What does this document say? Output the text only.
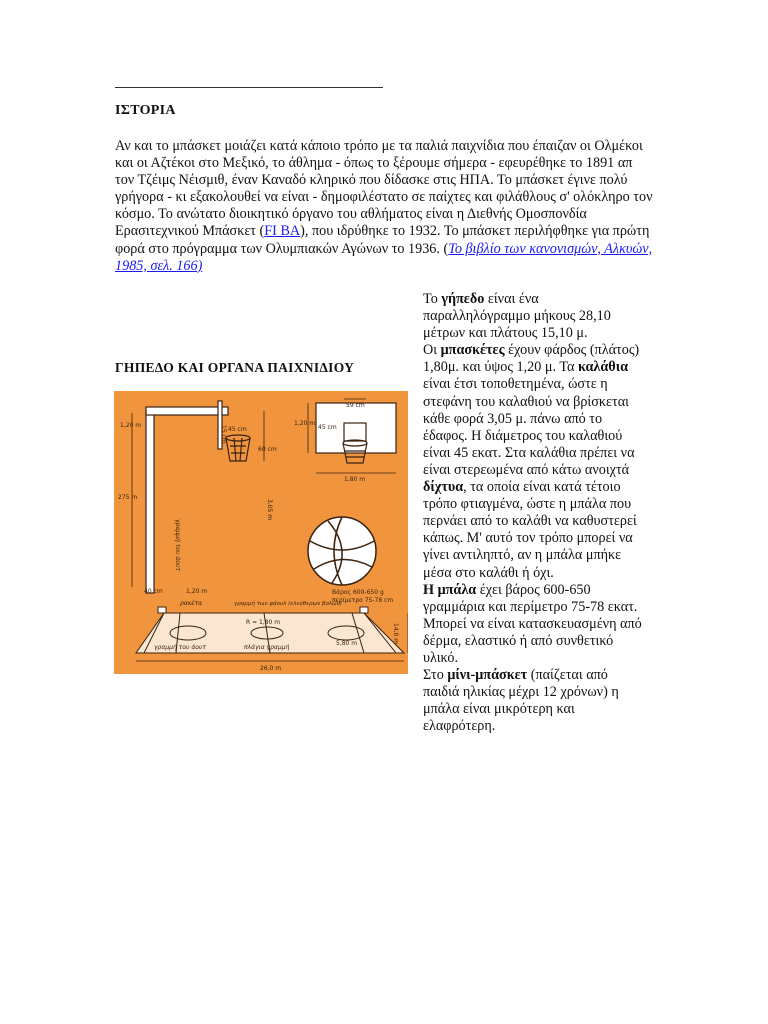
ΙΣΤΟΡΙΑ
Αν και το μπάσκετ μοιάζει κατά κάποιο τρόπο με τα παλιά παιχνίδια που έπαιζαν οι Ολμέκοι και οι Αζτέκοι στο Μεξικό, το άθλημα - όπως το ξέρουμε σήμερα - εφευρέθηκε το 1891 απ τον Τζέιμς Νέισμιθ, έναν Καναδό κληρικό που δίδασκε στις ΗΠΑ. Το μπάσκετ έγινε πολύ γρήγορα - κι εξακολουθεί να είναι - δημοφιλέστατο σε παίχτες και φιλάθλους σ' ολόκληρο τον κόσμο. Το ανώτατο διοικητικό όργανο του αθλήματος είναι η Διεθνής Ομοσπονδία Ερασιτεχνικού Μπάσκετ (FI BA), που ιδρύθηκε το 1932. Το μπάσκετ περιλήφθηκε για πρώτη φορά στο πρόγραμμα των Ολυμπιακών Αγώνων το 1936. (Το βιβλίο των κανονισμών, Αλκυών, 1985, σελ. 166)
ΓΗΠΕΔΟ ΚΑΙ ΟΡΓΑΝΑ ΠΑΙΧΝΙΔΙΟΥ
1,20 m
45 cm
60 cm
15 cm
275 m
3,05 m
1,20 m
40 cm	1,20 m
59 cm
45 cm
1,80 m
Βάρος 600-650 g
περίμετρο 75-78 cm
γραμμή των φάουλ (ελεύθερων βολών)
γραμμή του άουτ
ρακέτα
γραμμή του άουτ	πλάγια γραμμή
R = 1,80 m
5,80 m
26,0 m
14,0 m
Το γήπεδο είναι ένα παραλληλόγραμμο μήκους 28,10 μέτρων και πλάτους 15,10 μ.
Οι μπασκέτες έχουν φάρδος (πλάτος) 1,80μ. και ύψος 1,20 μ. Τα καλάθια είναι έτσι τοποθετημένα, ώστε η στεφάνη του καλαθιού να βρίσκεται κάθε φορά 3,05 μ. πάνω από το έδαφος. Η διάμετρος του καλαθιού είναι 45 εκατ. Στα καλάθια πρέπει να είναι στερεωμένα από κάτω ανοιχτά δίχτυα, τα οποία είναι κατά τέτοιο τρόπο φτιαγμένα, ώστε η μπάλα που περνάει από το καλάθι να καθυστερεί κάπως. Μ' αυτό τον τρόπο μπορεί να γίνει αντιληπτό, αν η μπάλα μπήκε μέσα στο καλάθι ή όχι.
Η μπάλα έχει βάρος 600-650 γραμμάρια και περίμετρο 75-78 εκατ. Μπορεί να είναι κατασκευασμένη από δέρμα, ελαστικό ή από συνθετικό υλικό.
Στο μίνι-μπάσκετ (παίζεται από παιδιά ηλικίας μέχρι 12 χρόνων) η μπάλα είναι μικρότερη και ελαφρότερη.
